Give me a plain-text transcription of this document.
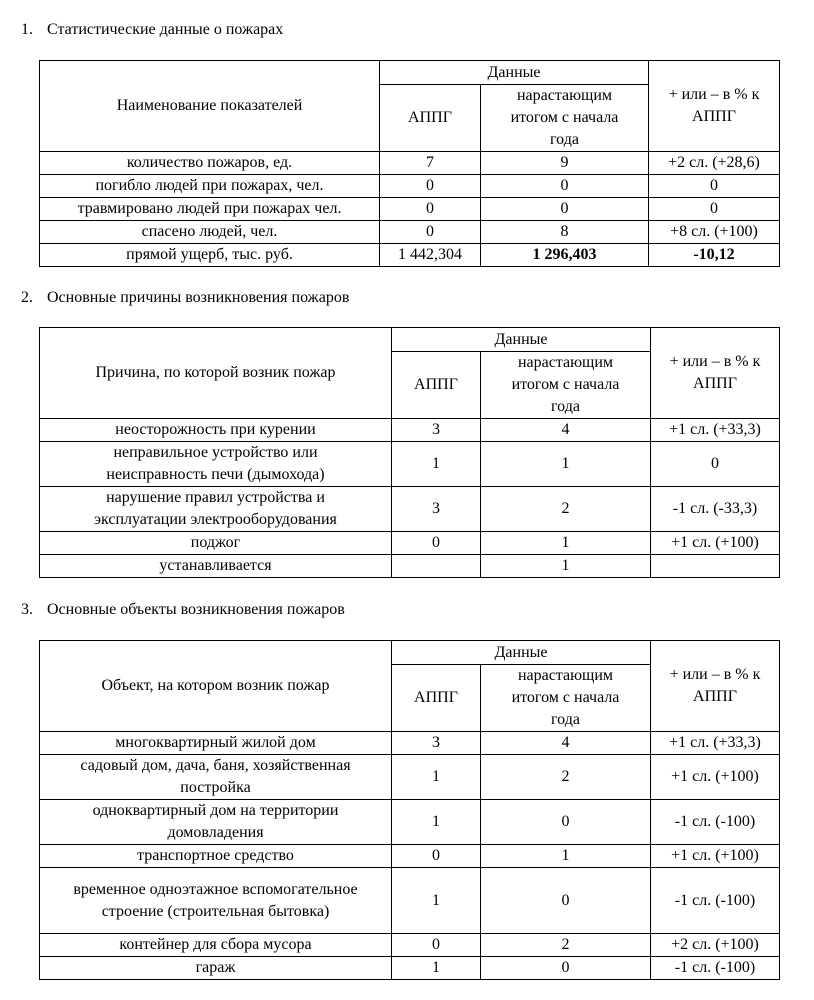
1. Статистические данные о пожарах
Наименование показателей	Данные		+ или – в % к АППГ
	АППГ	нарастающим итогом с начала года	
количество пожаров, ед.	7	9	+2 сл. (+28,6)
погибло людей при пожарах, чел.	0	0	0
травмировано людей при пожарах чел.	0	0	0
спасено людей, чел.	0	8	+8 сл. (+100)
прямой ущерб, тыс. руб.	1 442,304	1 296,403	-10,12
2. Основные причины возникновения пожаров
Причина, по которой возник пожар	Данные		+ или – в % к АППГ
	АППГ	нарастающим итогом с начала года	
неосторожность при курении	3	4	+1 сл. (+33,3)
неправильное устройство или неисправность печи (дымохода)	1	1	0
нарушение правил устройства и эксплуатации электрооборудования	3	2	-1 сл. (-33,3)
поджог	0	1	+1 сл. (+100)
устанавливается		1	
3. Основные объекты возникновения пожаров
Объект, на котором возник пожар	Данные		+ или – в % к АППГ
	АППГ	нарастающим итогом с начала года	
многоквартирный жилой дом	3	4	+1 сл. (+33,3)
садовый дом, дача, баня, хозяйственная постройка	1	2	+1 сл. (+100)
одноквартирный дом на территории домовладения	1	0	-1 сл. (-100)
транспортное средство	0	1	+1 сл. (+100)
временное одноэтажное вспомогательное строение (строительная бытовка)	1	0	-1 сл. (-100)
контейнер для сбора мусора	0	2	+2 сл. (+100)
гараж	1	0	-1 сл. (-100)
